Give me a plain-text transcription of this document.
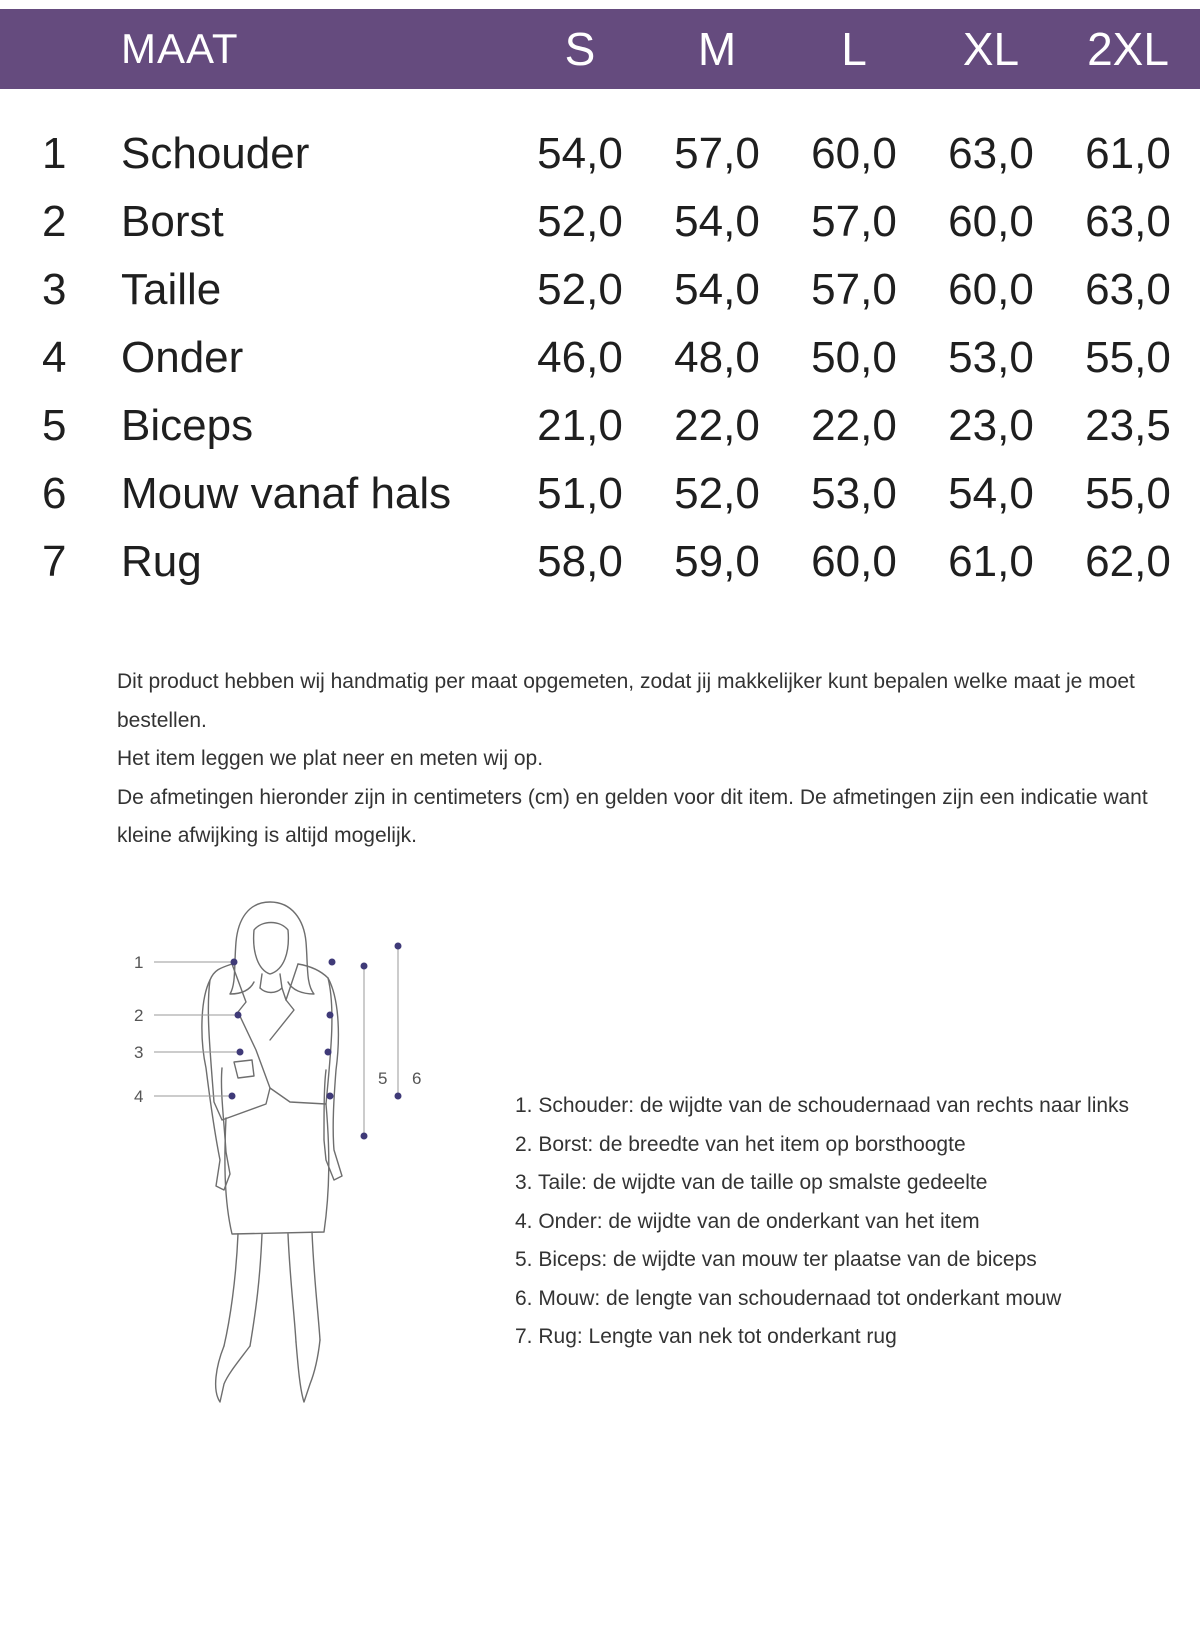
MAAT	S	M	L	XL	2XL
1 Schouder	54,0	57,0	60,0	63,0	61,0
2 Borst	52,0	54,0	57,0	60,0	63,0
3 Taille	52,0	54,0	57,0	60,0	63,0
4 Onder	46,0	48,0	50,0	53,0	55,0
5 Biceps	21,0	22,0	22,0	23,0	23,5
6 Mouw vanaf hals	51,0	52,0	53,0	54,0	55,0
7 Rug	58,0	59,0	60,0	61,0	62,0

Dit product hebben wij handmatig per maat opgemeten, zodat jij makkelijker kunt bepalen welke maat je moet bestellen.

Het item leggen we plat neer en meten wij op.

De afmetingen hieronder zijn in centimeters (cm) en gelden voor dit item. De afmetingen zijn een indicatie want kleine afwijking is altijd mogelijk.

1
2
3
4
5 6
1. Schouder: de wijdte van de schoudernaad van rechts naar links
2. Borst: de breedte van het item op borsthoogte
3. Taile: de wijdte van de taille op smalste gedeelte
4. Onder: de wijdte van de onderkant van het item
5. Biceps: de wijdte van mouw ter plaatse van de biceps
6. Mouw: de lengte van schoudernaad tot onderkant mouw
7. Rug: Lengte van nek tot onderkant rug
